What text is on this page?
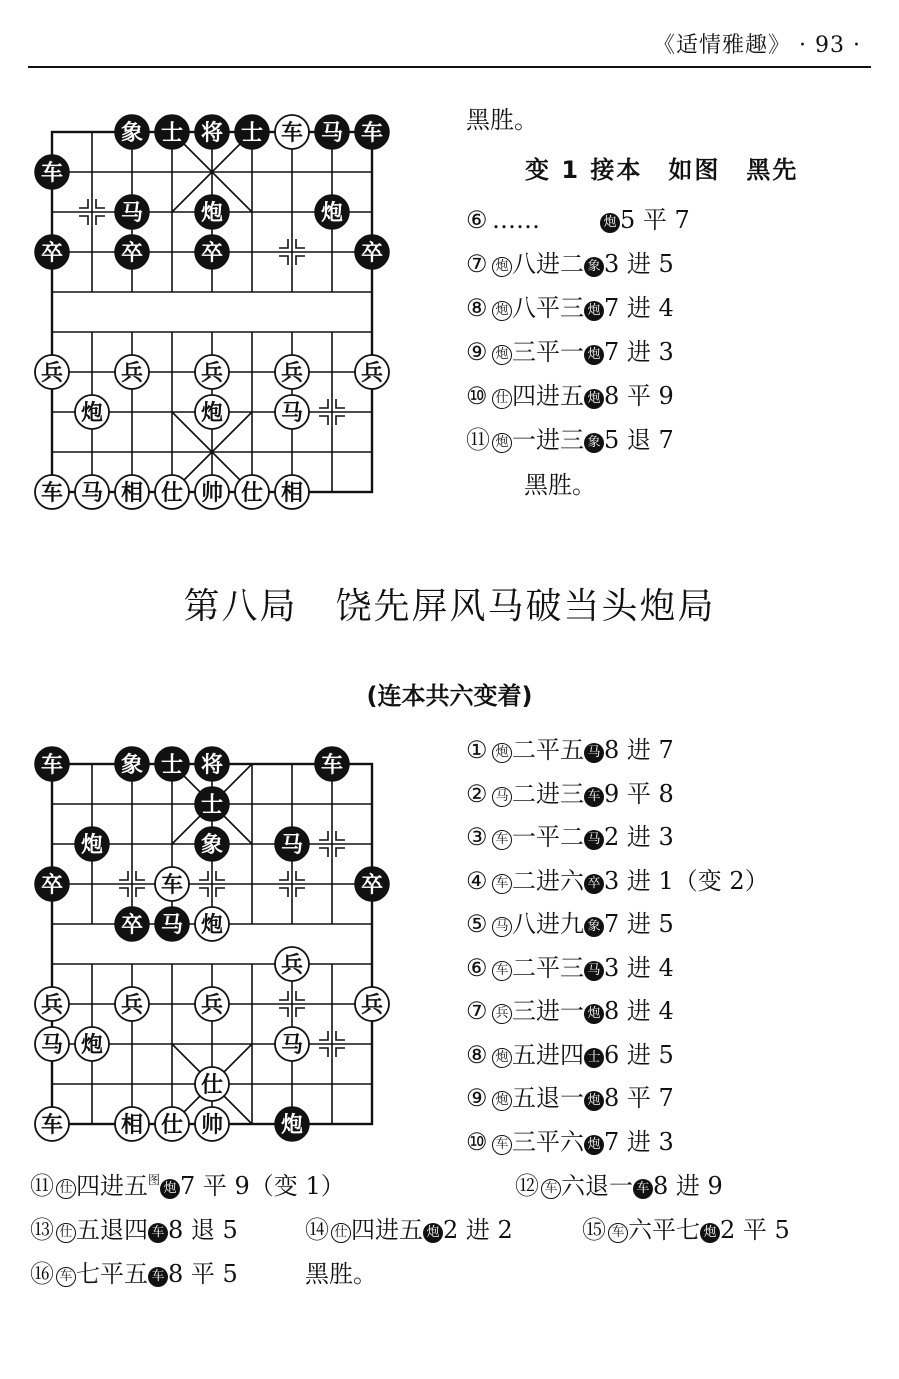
《适情雅趣》 · 93 ·
车
兵	兵	兵	兵	兵
炮	炮	马
车 马 相 仕 帅 仕 相
象 士 将 士	马 车
车
马	炮	炮
卒	卒	卒	卒
黑胜。
变 1 接本　如图　黑先
⑥ ……	炮 5 平 7
⑦ 炮 八进二 象 3 进 5
⑧ 炮 八平三 炮 7 进 4
⑨ 炮 三平一 炮 7 进 3
⑩ 仕 四进五 炮 8 平 9
⑪ 炮 一进三 象 5 退 7
黑胜。
第八局　饶先屏风马破当头炮局
(连本共六变着)
车
炮
兵
兵	兵	兵	兵
马 炮	马
仕
车	相 仕 帅
车	象 士 将	车
士
炮	象	马
卒	卒
卒 马
炮
① 炮 二平五 马 8 进 7
② 马 二进三 车 9 平 8
③ 车 一平二 马 2 进 3
④ 车 二进六 卒 3 进 1（变 2）
⑤ 马 八进九 象 7 进 5
⑥ 车 二平三 马 3 进 4
⑦ 兵 三进一 炮 8 进 4
⑧ 炮 五进四 士 6 进 5
⑨ 炮 五退一 炮 8 平 7
⑩ 车 三平六 炮 7 进 3
⑪ 仕 四进五$^图$炮 7 平 9（变 1）	⑫ 车 六退一 车 8 进 9
⑬ 仕 五退四 车 8 退 5	⑭ 仕 四进五 炮 2 进 2	⑮ 车 六平七 炮 2 平 5
⑯ 车 七平五 车 8 平 5	黑胜。
